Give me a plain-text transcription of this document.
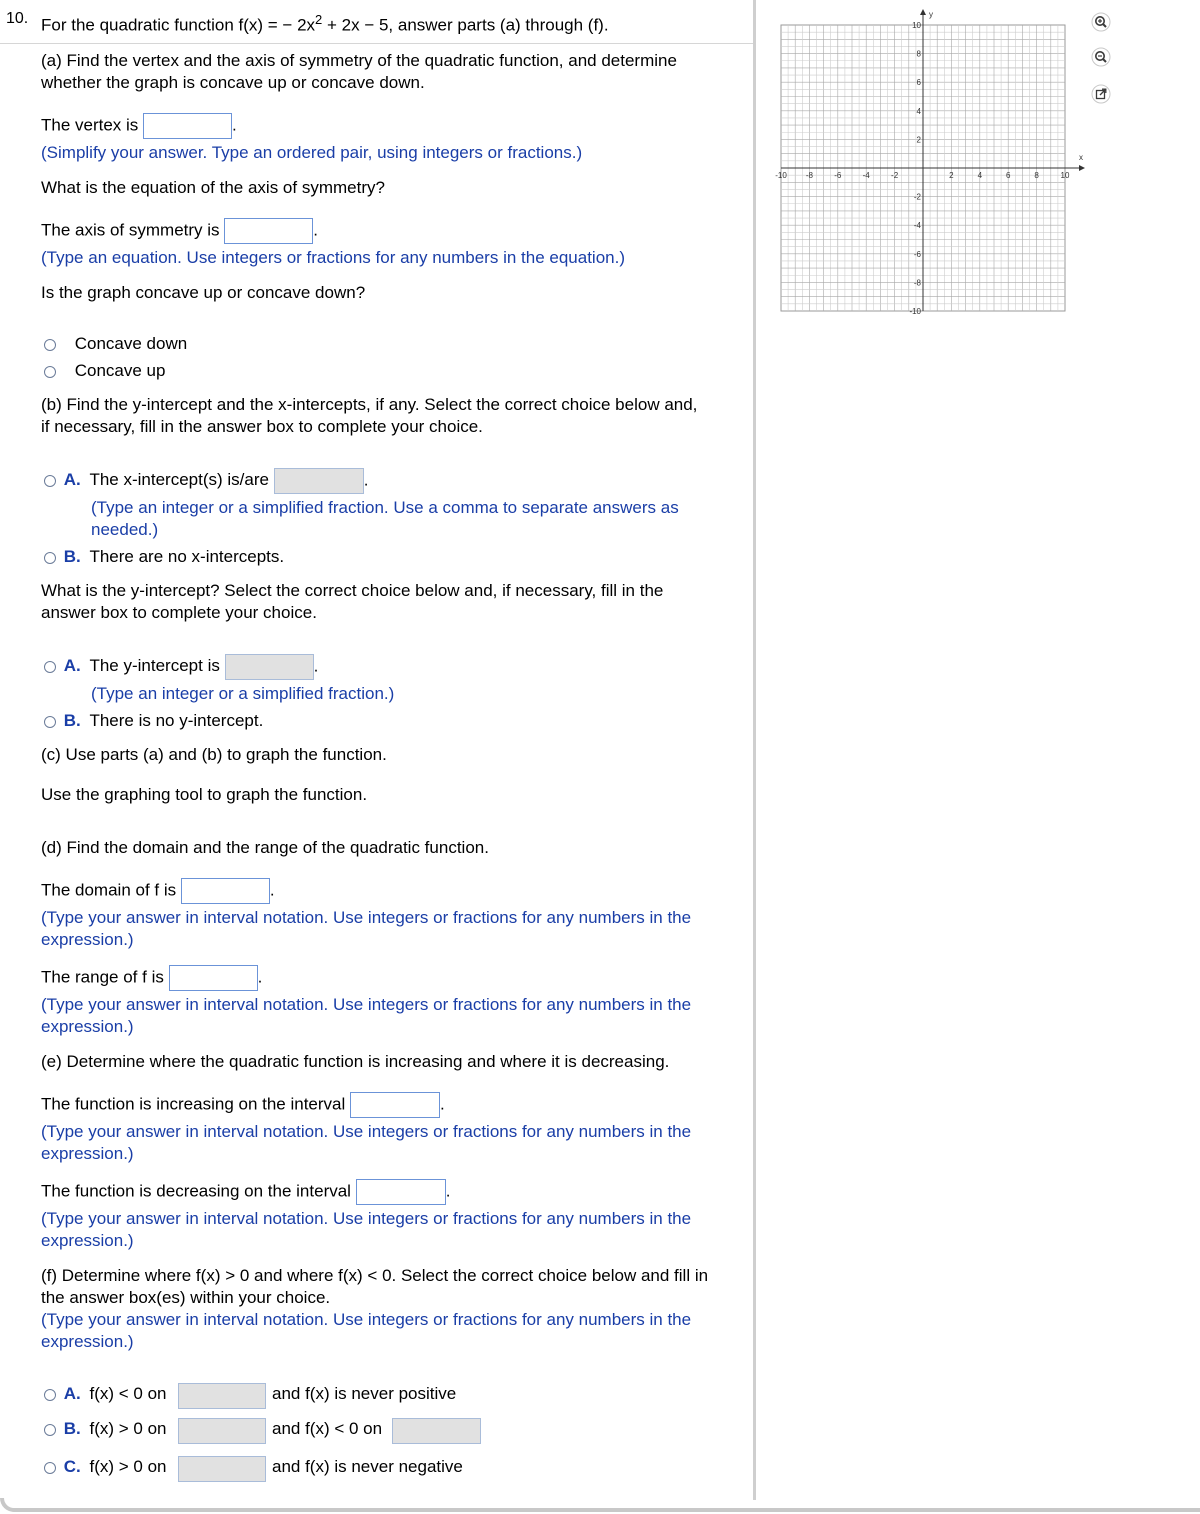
10. For the quadratic function f(x) = − $2x^2 + 2x - 5$, answer parts (a) through (f).
(a) Find the vertex and the axis of symmetry of the quadratic function, and determine
whether the graph is concave up or concave down.
The vertex is	.
(Simplify your answer. Type an ordered pair, using integers or fractions.)
What is the equation of the axis of symmetry?
The axis of symmetry is	.
(Type an equation. Use integers or fractions for any numbers in the equation.)
Is the graph concave up or concave down?
Concave down
Concave up
(b) Find the y-intercept and the x-intercepts, if any. Select the correct choice below and,
if necessary, fill in the answer box to complete your choice.
A. The x-intercept(s) is/are	.
(Type an integer or a simplified fraction. Use a comma to separate answers as
needed.)
B. There are no x-intercepts.
What is the y-intercept? Select the correct choice below and, if necessary, fill in the
answer box to complete your choice.
A. The y-intercept is	.
(Type an integer or a simplified fraction.)
B. There is no y-intercept.
(c) Use parts (a) and (b) to graph the function.
Use the graphing tool to graph the function.
(d) Find the domain and the range of the quadratic function.
The domain of f is	.
(Type your answer in interval notation. Use integers or fractions for any numbers in the
expression.)
The range of f is	.
(Type your answer in interval notation. Use integers or fractions for any numbers in the
expression.)
(e) Determine where the quadratic function is increasing and where it is decreasing.
The function is increasing on the interval	.
(Type your answer in interval notation. Use integers or fractions for any numbers in the
expression.)
The function is decreasing on the interval	.
(Type your answer in interval notation. Use integers or fractions for any numbers in the
expression.)
(f) Determine where f(x) > 0 and where f(x) < 0. Select the correct choice below and fill in
the answer box(es) within your choice.
(Type your answer in interval notation. Use integers or fractions for any numbers in the
expression.)
A. f(x) < 0 on	and f(x) is never positive
B. f(x) > 0 on	and f(x) < 0 on
C. f(x) > 0 on	and f(x) is never negative
x
y
-10 -8	-6	-4	-2	2	4	6	8	10
10
8
6
4
2
-2
-4
-6
-8
-10
